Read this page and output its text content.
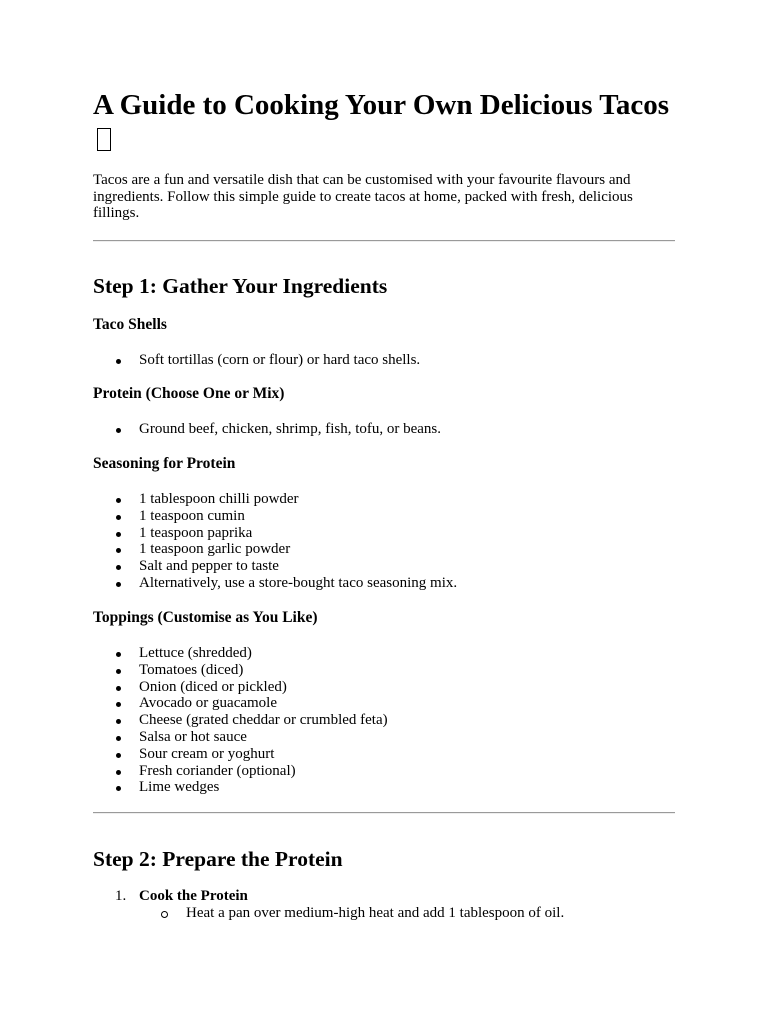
A Guide to Cooking Your Own Delicious Tacos

Tacos are a fun and versatile dish that can be customised with your favourite flavours and ingredients. Follow this simple guide to create tacos at home, packed with fresh, delicious fillings.

Step 1: Gather Your Ingredients
Taco Shells
Soft tortillas (corn or flour) or hard taco shells.
Protein (Choose One or Mix)
Ground beef, chicken, shrimp, fish, tofu, or beans.
Seasoning for Protein
1 tablespoon chilli powder
1 teaspoon cumin
1 teaspoon paprika
1 teaspoon garlic powder
Salt and pepper to taste
Alternatively, use a store-bought taco seasoning mix.
Toppings (Customise as You Like)
Lettuce (shredded)
Tomatoes (diced)
Onion (diced or pickled)
Avocado or guacamole
Cheese (grated cheddar or crumbled feta)
Salsa or hot sauce
Sour cream or yoghurt
Fresh coriander (optional)
Lime wedges
Step 2: Prepare the Protein
1. Cook the Protein
Heat a pan over medium-high heat and add 1 tablespoon of oil.
